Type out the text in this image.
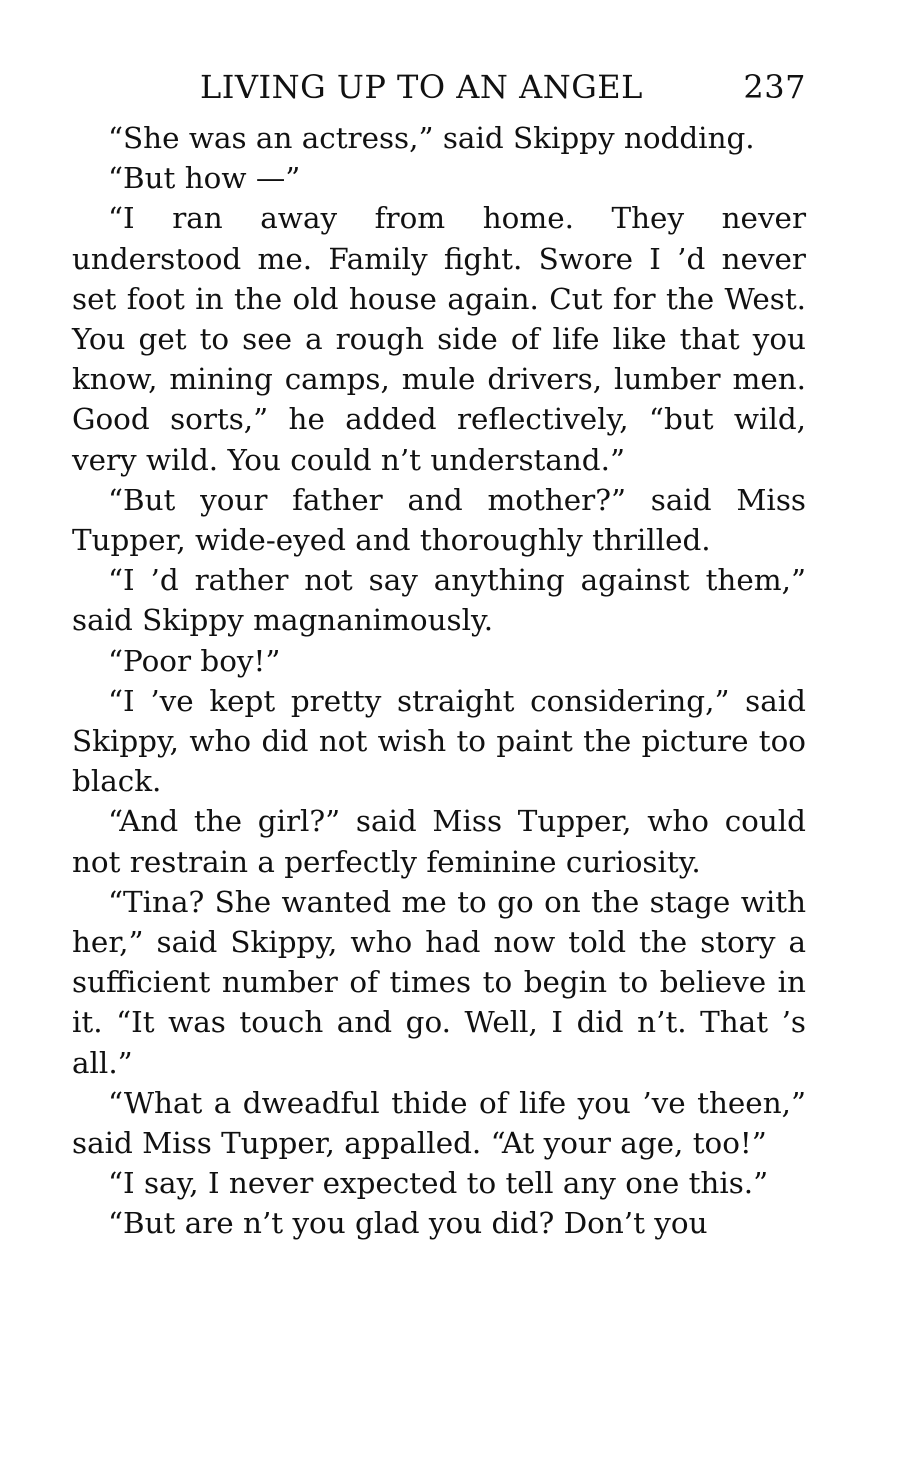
LIVING UP TO AN ANGEL	237

“She was an actress,” said Skippy nodding.

“But how —”

“I ran away from home. They never understood me. Family fight. Swore I ’d never set foot in the old house again. Cut for the West. You get to see a rough side of life like that you know, mining camps, mule drivers, lumber men. Good sorts,” he added reflectively, “but wild, very wild. You could n’t understand.”

“But your father and mother?” said Miss Tupper, wide-eyed and thoroughly thrilled.

“I ’d rather not say anything against them,” said Skippy magnanimously.

“Poor boy!”

“I ’ve kept pretty straight considering,” said Skippy, who did not wish to paint the picture too black.

“And the girl?” said Miss Tupper, who could not restrain a perfectly feminine curiosity.

“Tina? She wanted me to go on the stage with her,” said Skippy, who had now told the story a sufficient number of times to begin to believe in it. “It was touch and go. Well, I did n’t. That ’s all.”

“What a dweadful thide of life you ’ve theen,” said Miss Tupper, appalled. “At your age, too!”

“I say, I never expected to tell any one this.”

“But are n’t you glad you did? Don’t you
